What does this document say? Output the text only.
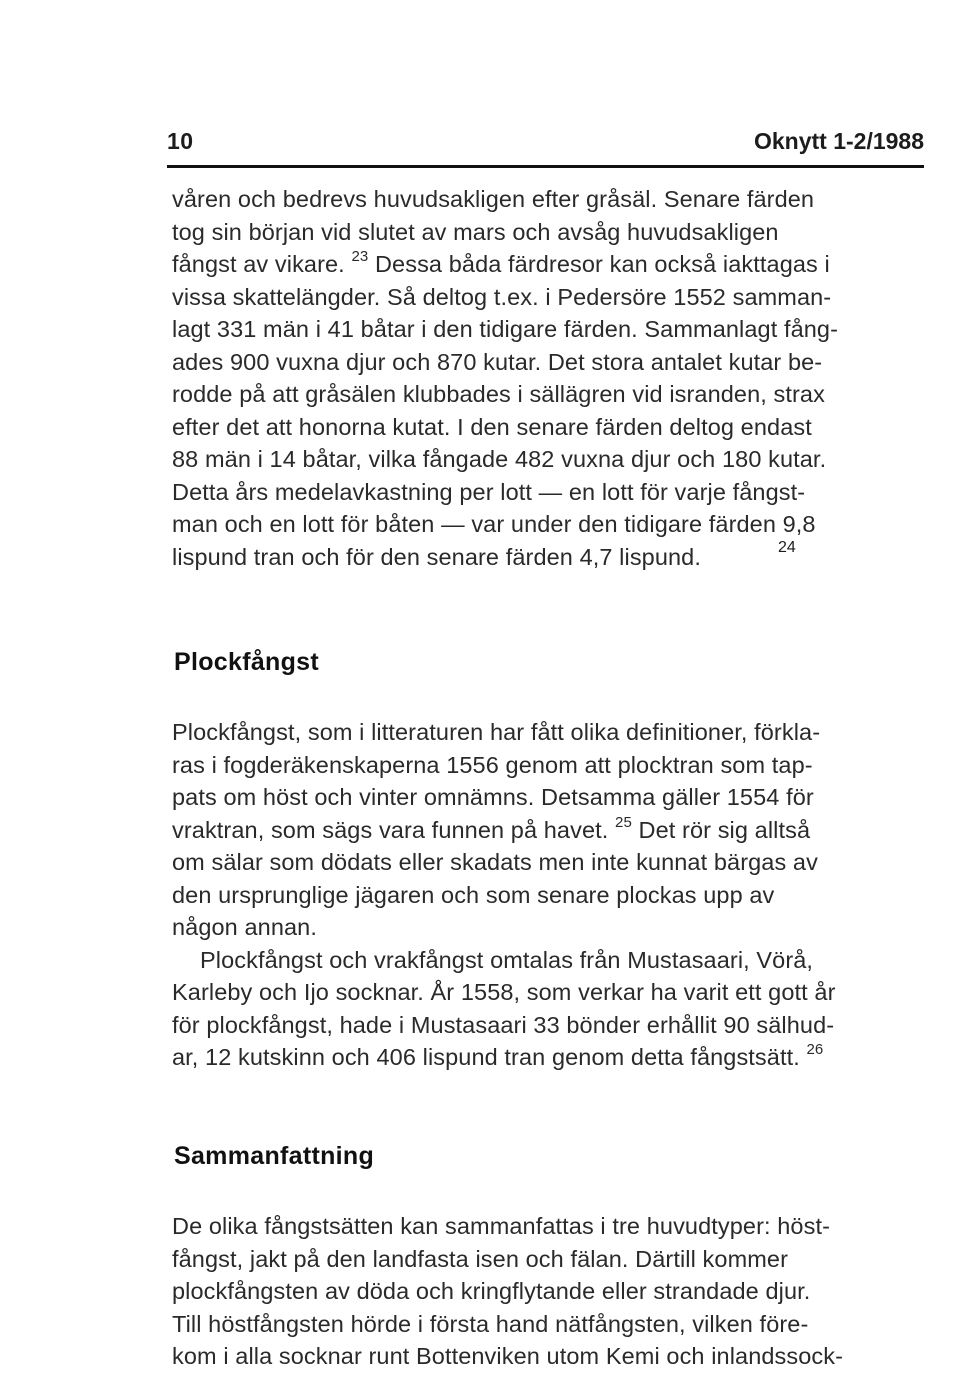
10	Oknytt 1-2/1988
våren och bedrevs huvudsakligen efter gråsäl. Senare färden
tog sin början vid slutet av mars och avsåg huvudsakligen
fångst av vikare. $^{23}$ Dessa båda färdresor kan också iakttagas i
vissa skattelängder. Så deltog t.ex. i Pedersöre 1552 samman-
lagt 331 män i 41 båtar i den tidigare färden. Sammanlagt fång-
ades 900 vuxna djur och 870 kutar. Det stora antalet kutar be-
rodde på att gråsälen klubbades i sällägren vid isranden, strax
efter det att honorna kutat. I den senare färden deltog endast
88 män i 14 båtar, vilka fångade 482 vuxna djur och 180 kutar.
Detta års medelavkastning per lott — en lott för varje fångst-
man och en lott för båten — var under den tidigare färden 9,8
lispund tran och för den senare färden 4,7 lispund.	24
Plockfångst
Plockfångst, som i litteraturen har fått olika definitioner, förkla-
ras i fogderäkenskaperna 1556 genom att plocktran som tap-
pats om höst och vinter omnämns. Detsamma gäller 1554 för
vraktran, som sägs vara funnen på havet. $^{25}$ Det rör sig alltså
om sälar som dödats eller skadats men inte kunnat bärgas av
den ursprunglige jägaren och som senare plockas upp av
någon annan.
Plockfångst och vrakfångst omtalas från Mustasaari, Vörå,
Karleby och Ijo socknar. År 1558, som verkar ha varit ett gott år
för plockfångst, hade i Mustasaari 33 bönder erhållit 90 sälhud-
ar, 12 kutskinn och 406 lispund tran genom detta fångstsätt. $^{26}$
Sammanfattning
De olika fångstsätten kan sammanfattas i tre huvudtyper: höst-
fångst, jakt på den landfasta isen och fälan. Därtill kommer
plockfångsten av döda och kringflytande eller strandade djur.
Till höstfångsten hörde i första hand nätfångsten, vilken före-
kom i alla socknar runt Bottenviken utom Kemi och inlandssock-
